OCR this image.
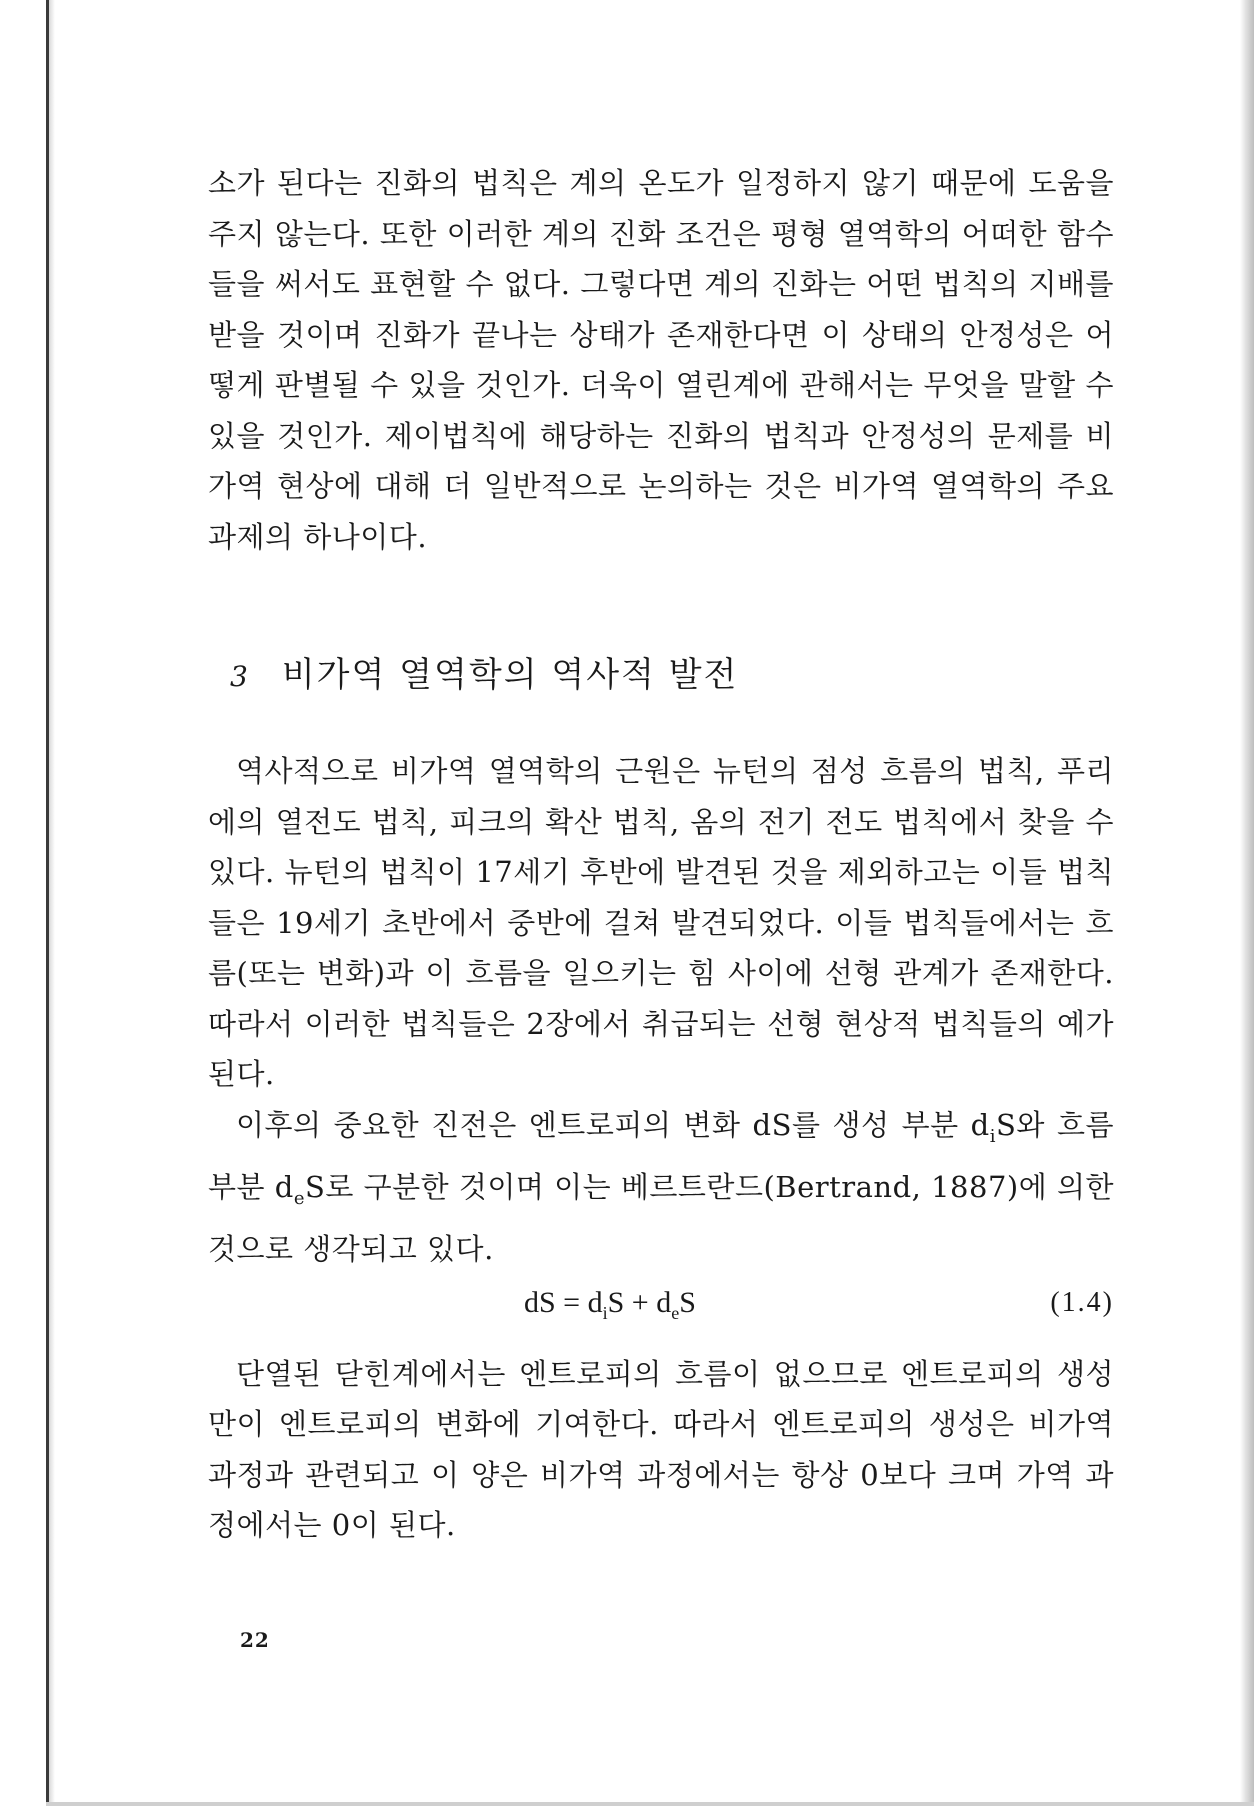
소가 된다는 진화의 법칙은 계의 온도가 일정하지 않기 때문에 도움을 주지 않는다. 또한 이러한 계의 진화 조건은 평형 열역학의 어떠한 함수들을 써서도 표현할 수 없다. 그렇다면 계의 진화는 어떤 법칙의 지배를 받을 것이며 진화가 끝나는 상태가 존재한다면 이 상태의 안정성은 어떻게 판별될 수 있을 것인가. 더욱이 열린계에 관해서는 무엇을 말할 수 있을 것인가. 제이법칙에 해당하는 진화의 법칙과 안정성의 문제를 비가역 현상에 대해 더 일반적으로 논의하는 것은 비가역 열역학의 주요 과제의 하나이다.

3 비가역 열역학의 역사적 발전

역사적으로 비가역 열역학의 근원은 뉴턴의 점성 흐름의 법칙, 푸리에의 열전도 법칙, 피크의 확산 법칙, 옴의 전기 전도 법칙에서 찾을 수 있다. 뉴턴의 법칙이 17세기 후반에 발견된 것을 제외하고는 이들 법칙들은 19세기 초반에서 중반에 걸쳐 발견되었다. 이들 법칙들에서는 흐름(또는 변화)과 이 흐름을 일으키는 힘 사이에 선형 관계가 존재한다. 따라서 이러한 법칙들은 2장에서 취급되는 선형 현상적 법칙들의 예가 된다.

이후의 중요한 진전은 엔트로피의 변화 dS를 생성 부분 $d_iS$와 흐름 부분 $d_eS$로 구분한 것이며 이는 베르트란드(Bertrand, 1887)에 의한 것으로 생각되고 있다.

dS = $d_iS + d_eS$	(1.4)

단열된 닫힌계에서는 엔트로피의 흐름이 없으므로 엔트로피의 생성만이 엔트로피의 변화에 기여한다. 따라서 엔트로피의 생성은 비가역 과정과 관련되고 이 양은 비가역 과정에서는 항상 0보다 크며 가역 과정에서는 0이 된다.

22
